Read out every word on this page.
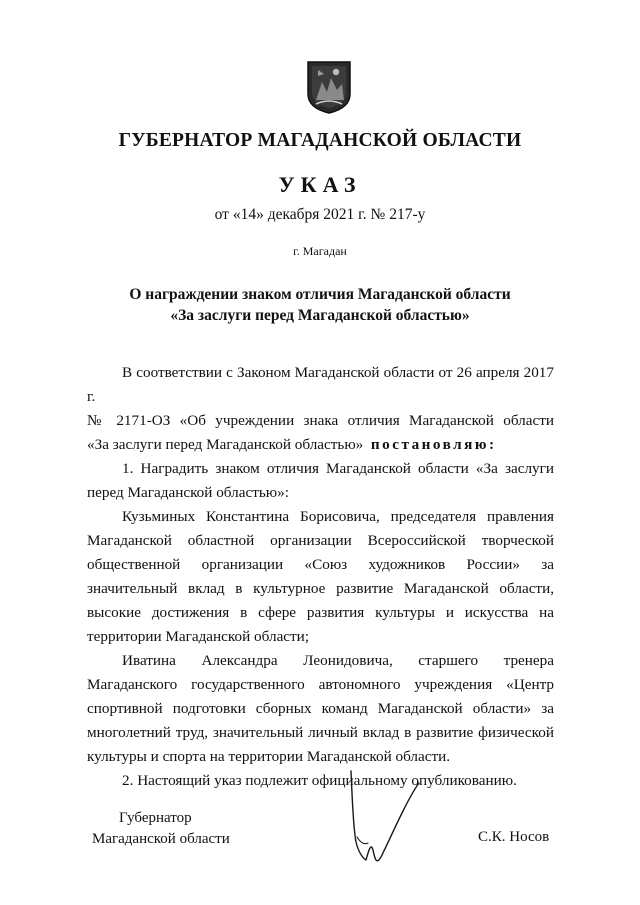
ГУБЕРНАТОР МАГАДАНСКОЙ ОБЛАСТИ
УКАЗ
от «14» декабря 2021 г. № 217-у
г. Магадан
О награждении знаком отличия Магаданской области
«За заслуги перед Магаданской областью»

В соответствии с Законом Магаданской области от 26 апреля 2017 г.

№ 2171-ОЗ «Об учреждении знака отличия Магаданской области

«За заслуги перед Магаданской областью» постановляю:

1. Наградить знаком отличия Магаданской области «За заслуги перед Магаданской областью»:

Кузьминых Константина Борисовича, председателя правления Магаданской областной организации Всероссийской творческой общественной организации «Союз художников России» за значительный вклад в культурное развитие Магаданской области, высокие достижения в сфере развития культуры и искусства на территории Магаданской области;

Иватина Александра Леонидовича, старшего тренера Магаданского государственного автономного учреждения «Центр спортивной подготовки сборных команд Магаданской области» за многолетний труд, значительный личный вклад в развитие физической культуры и спорта на территории Магаданской области.

2. Настоящий указ подлежит официальному опубликованию.

Губернатор
Магаданской области	С.К. Носов
